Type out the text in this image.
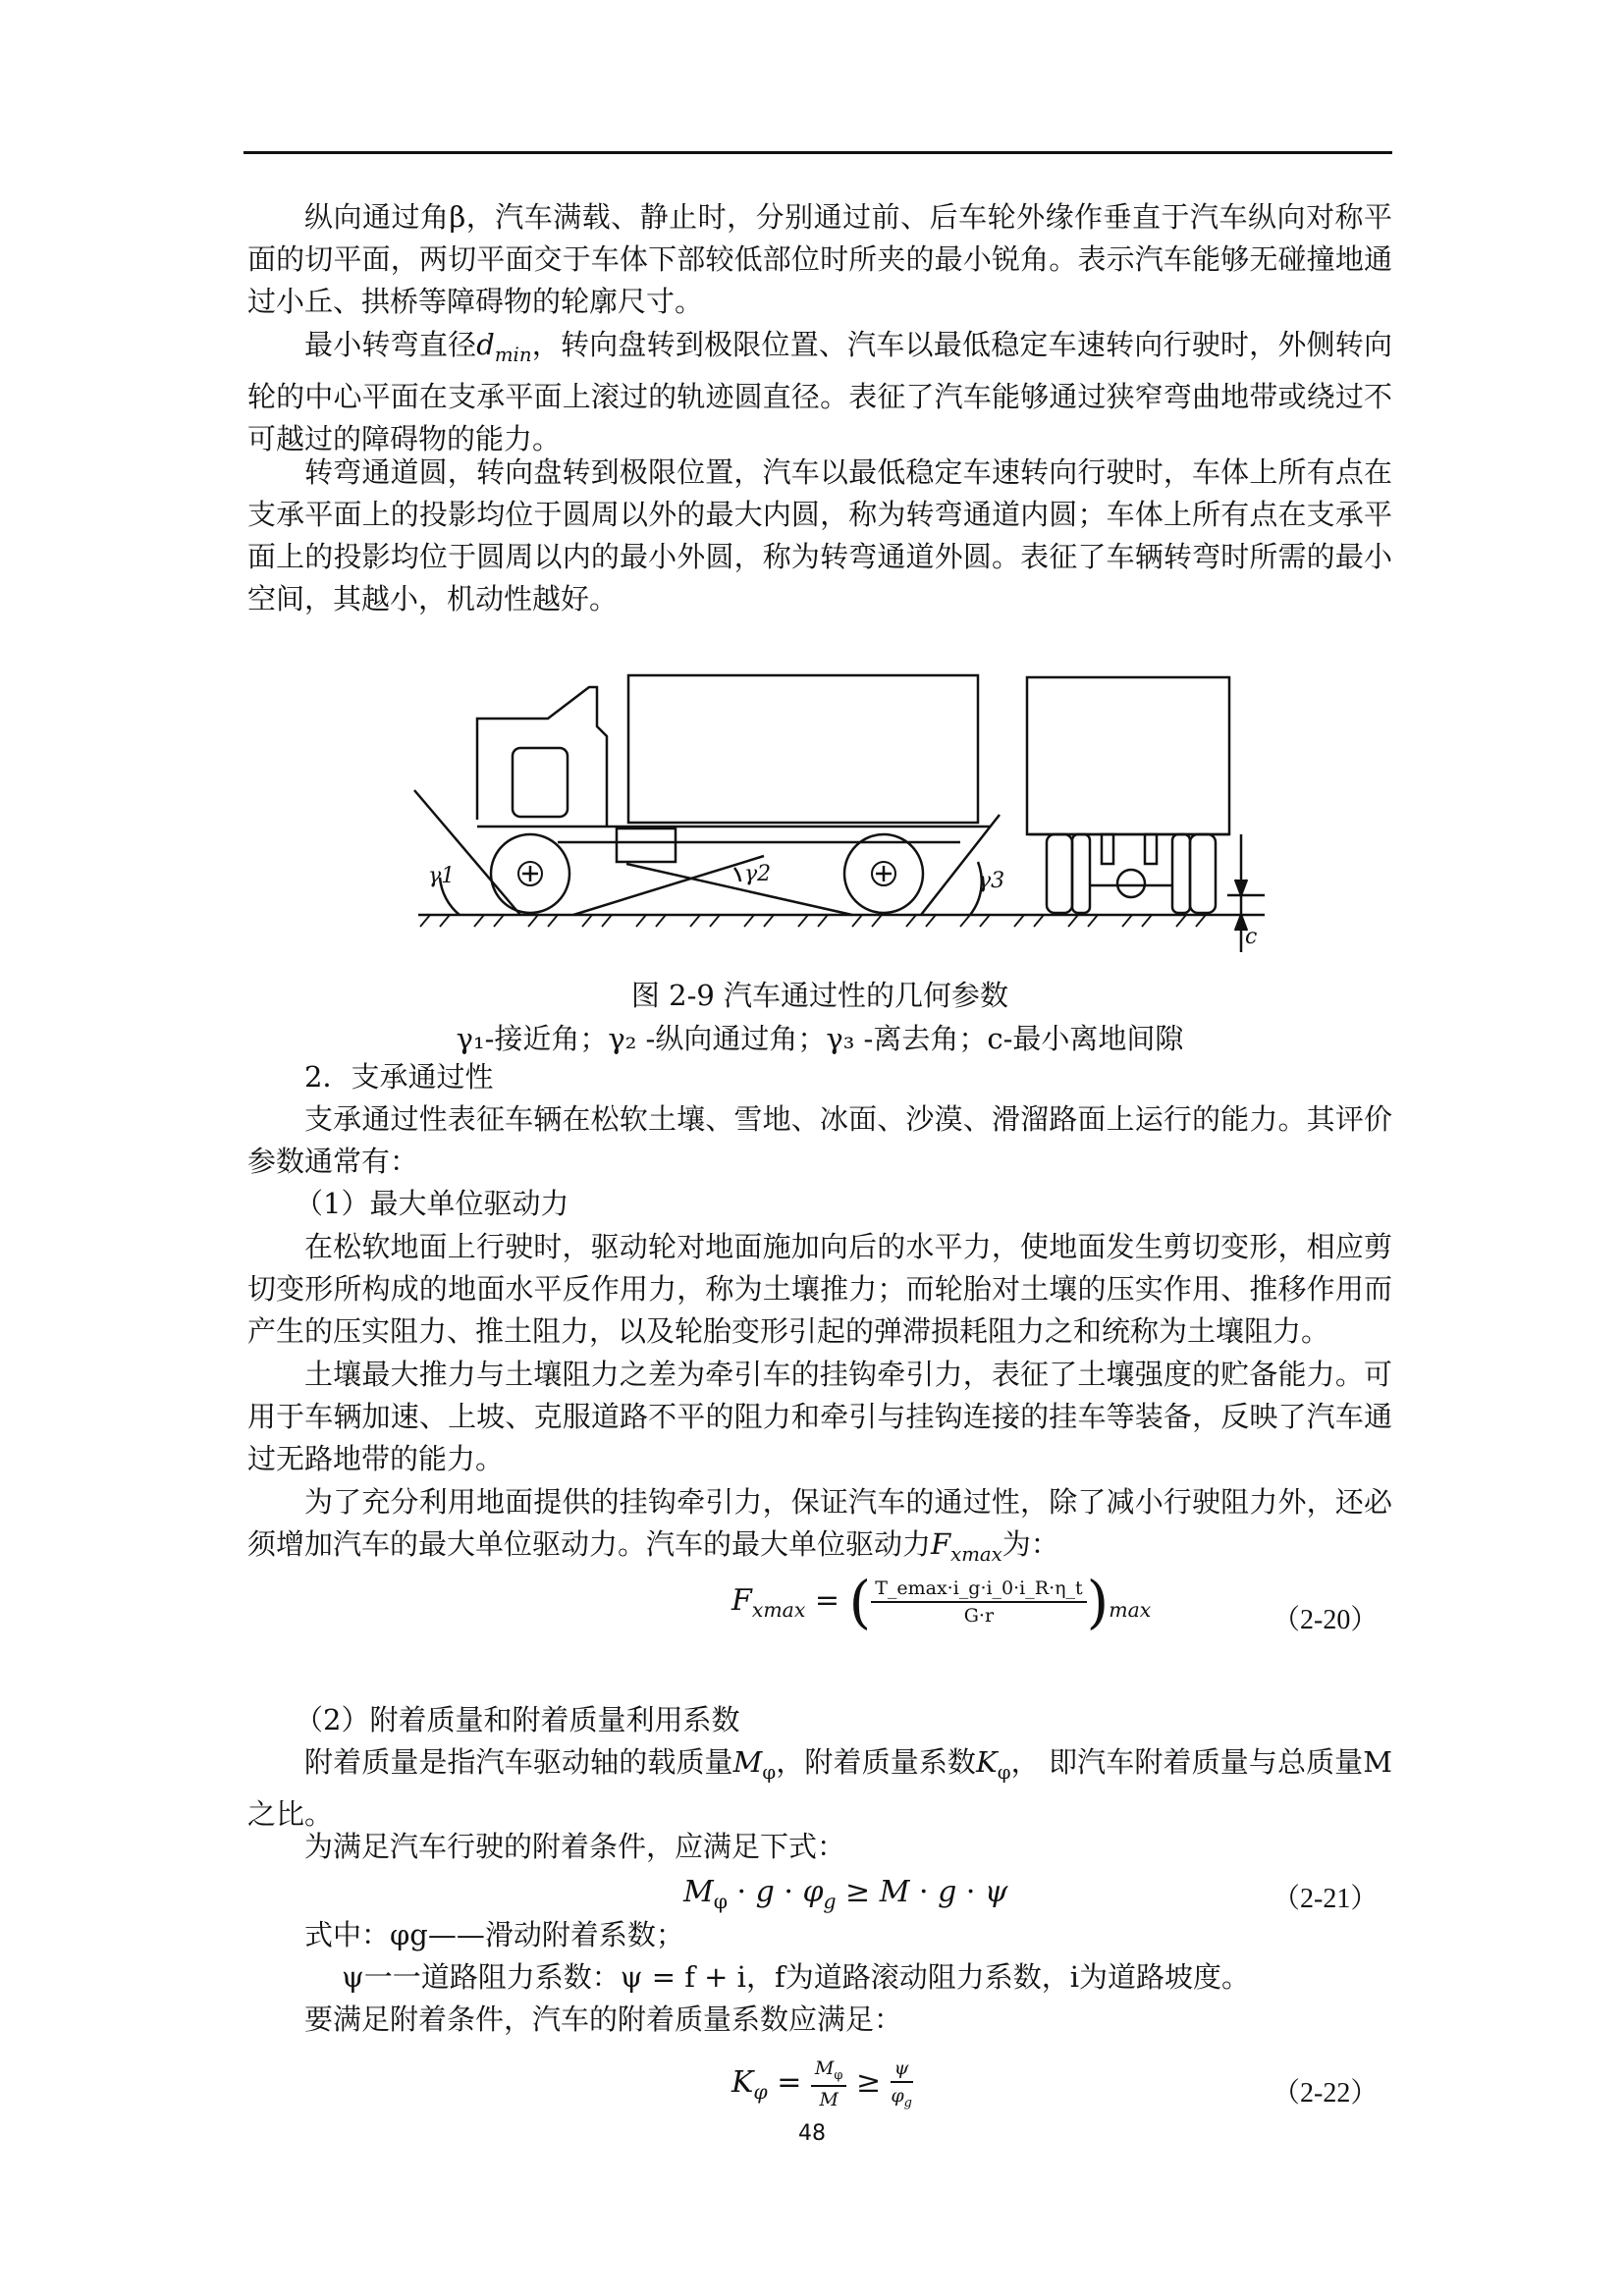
纵向通过角β，汽车满载、静止时，分别通过前、后车轮外缘作垂直于汽车纵向对称平面的切平面，两切平面交于车体下部较低部位时所夹的最小锐角。表示汽车能够无碰撞地通过小丘、拱桥等障碍物的轮廓尺寸。

最小转弯直径$d_{min}$，转向盘转到极限位置、汽车以最低稳定车速转向行驶时，外侧转向轮的中心平面在支承平面上滚过的轨迹圆直径。表征了汽车能够通过狭窄弯曲地带或绕过不可越过的障碍物的能力。

转弯通道圆，转向盘转到极限位置，汽车以最低稳定车速转向行驶时，车体上所有点在支承平面上的投影均位于圆周以外的最大内圆，称为转弯通道内圆；车体上所有点在支承平面上的投影均位于圆周以内的最小外圆，称为转弯通道外圆。表征了车辆转弯时所需的最小空间，其越小，机动性越好。

γ1	γ2	γ3
c

图 2-9 汽车通过性的几何参数

γ₁-接近角；γ₂ -纵向通过角；γ₃ -离去角；c-最小离地间隙

2．支承通过性

支承通过性表征车辆在松软土壤、雪地、冰面、沙漠、滑溜路面上运行的能力。其评价参数通常有：

（1）最大单位驱动力

在松软地面上行驶时，驱动轮对地面施加向后的水平力，使地面发生剪切变形，相应剪切变形所构成的地面水平反作用力，称为土壤推力；而轮胎对土壤的压实作用、推移作用而产生的压实阻力、推土阻力，以及轮胎变形引起的弹滞损耗阻力之和统称为土壤阻力。

土壤最大推力与土壤阻力之差为牵引车的挂钩牵引力，表征了土壤强度的贮备能力。可用于车辆加速、上坡、克服道路不平的阻力和牵引与挂钩连接的挂车等装备，反映了汽车通过无路地带的能力。

为了充分利用地面提供的挂钩牵引力，保证汽车的通过性，除了减小行驶阻力外，还必须增加汽车的最大单位驱动力。汽车的最大单位驱动力$F_{xmax}$为：

$F_{xmax}$ = ( $\frac{T\_emax\cdot i\_g\cdot i\_0\cdot i\_R\cdot\eta\_t}{G\cdot r} )_{max}$	（2-20）

（2）附着质量和附着质量利用系数

附着质量是指汽车驱动轴的载质量$M_\varphi$，附着质量系数$K_\varphi$， 即汽车附着质量与总质量M之比。

为满足汽车行驶的附着条件，应满足下式：

$M_\varphi \cdot g \cdot \varphi_g \ge M \cdot g \cdot \psi$	（2-21）

式中：φg——滑动附着系数；

ψ一一道路阻力系数：ψ = f + i，f为道路滚动阻力系数，i为道路坡度。

要满足附着条件，汽车的附着质量系数应满足：

$K_\varphi = \frac{M_\varphi}{M} \ge \frac{\psi}{\varphi_g}$	（2-22）
48
